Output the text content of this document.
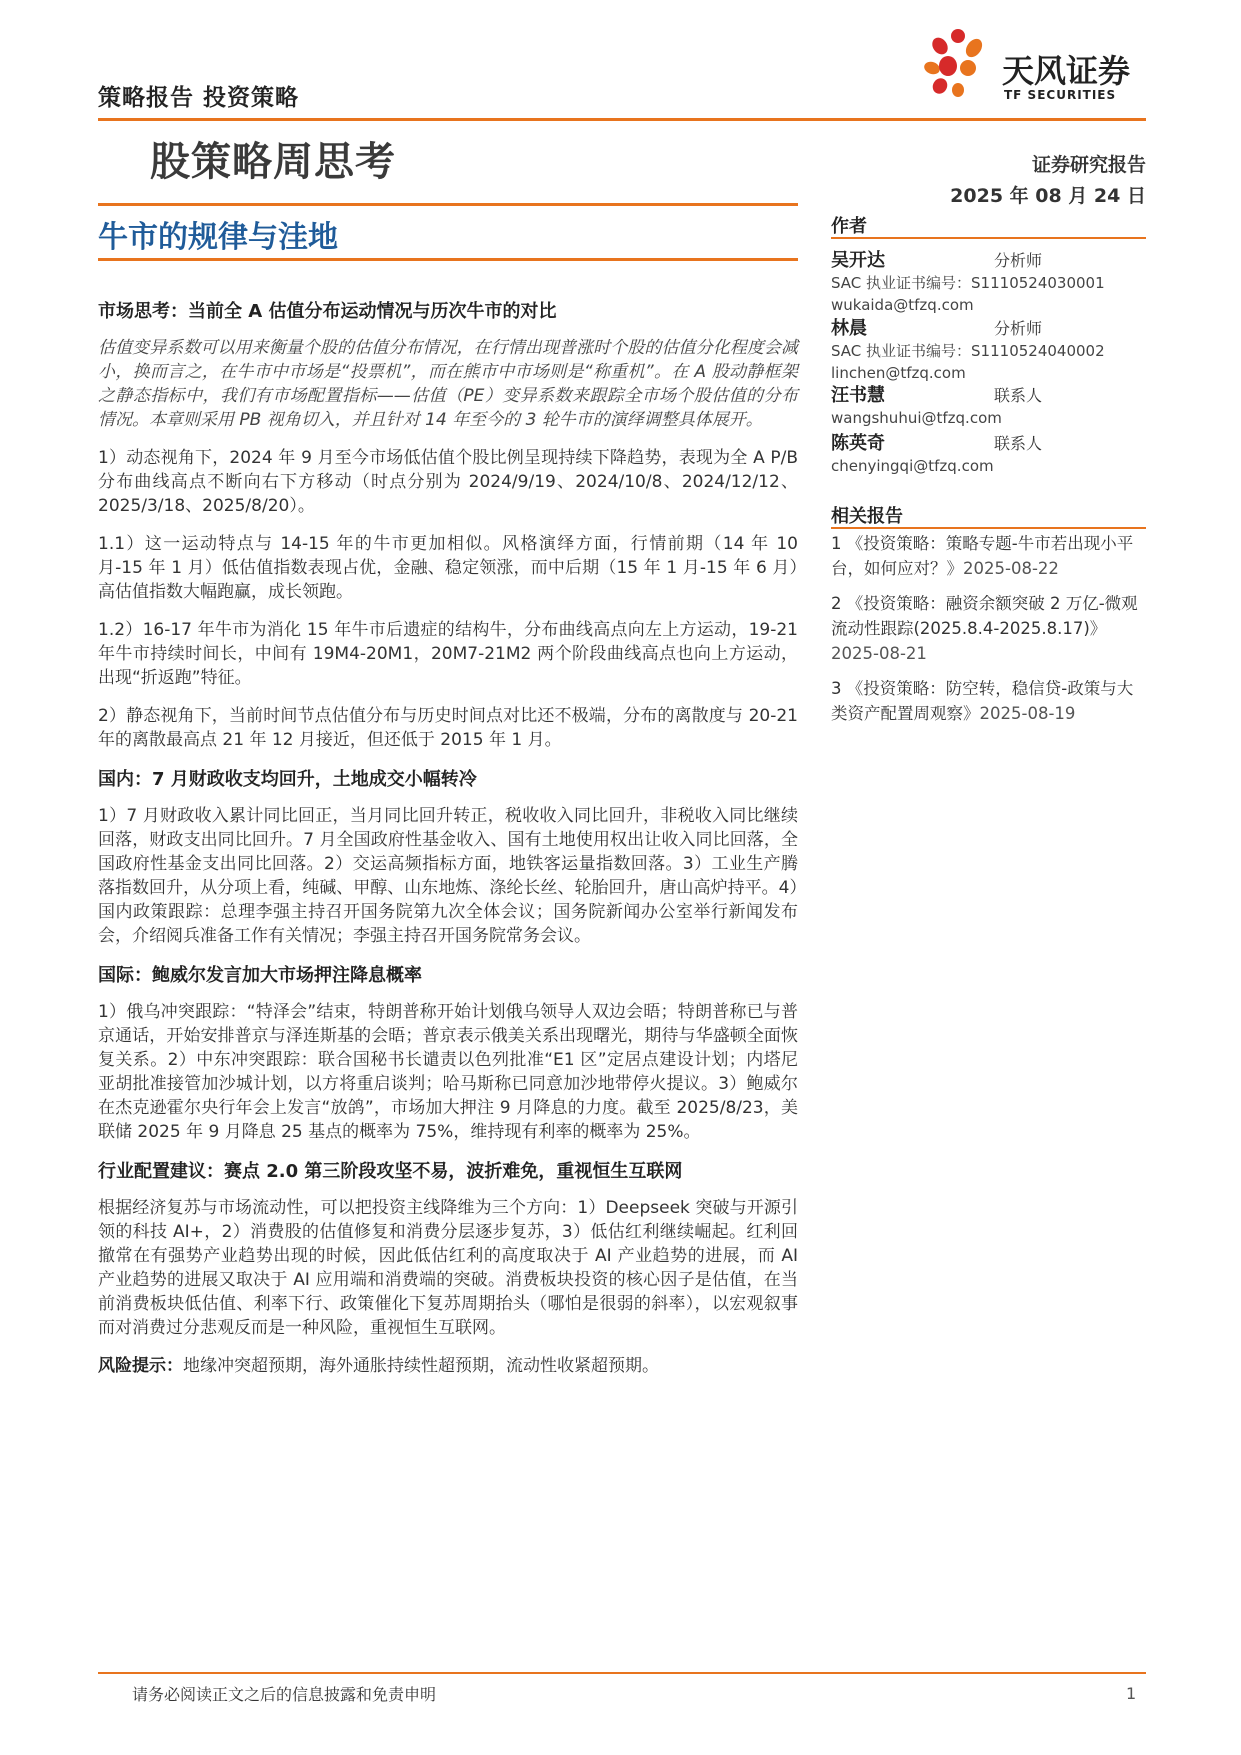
策略报告 投资策略
天风证券
TF SECURITIES
股策略周思考	证券研究报告
2025 年 08 月 24 日
牛市的规律与洼地
市场思考：当前全 A 估值分布运动情况与历次牛市的对比

估值变异系数可以用来衡量个股的估值分布情况，在行情出现普涨时个股的估值分化程度会减小，换而言之，在牛市中市场是“投票机”，而在熊市中市场则是“称重机”。在 A 股动静框架之静态指标中，我们有市场配置指标——估值（PE）变异系数来跟踪全市场个股估值的分布情况。本章则采用 PB 视角切入，并且针对 14 年至今的 3 轮牛市的演绎调整具体展开。

1）动态视角下，2024 年 9 月至今市场低估值个股比例呈现持续下降趋势，表现为全 A P/B 分布曲线高点不断向右下方移动（时点分别为 2024/9/19、2024/10/8、2024/12/12、2025/3/18、2025/8/20）。

1.1）这一运动特点与 14-15 年的牛市更加相似。风格演绎方面，行情前期（14 年 10 月-15 年 1 月）低估值指数表现占优，金融、稳定领涨，而中后期（15 年 1 月-15 年 6 月）高估值指数大幅跑赢，成长领跑。

1.2）16-17 年牛市为消化 15 年牛市后遗症的结构牛，分布曲线高点向左上方运动，19-21 年牛市持续时间长，中间有 19M4-20M1，20M7-21M2 两个阶段曲线高点也向上方运动，出现“折返跑”特征。

2）静态视角下，当前时间节点估值分布与历史时间点对比还不极端，分布的离散度与 20-21 年的离散最高点 21 年 12 月接近，但还低于 2015 年 1 月。

国内：7 月财政收支均回升，土地成交小幅转冷

1）7 月财政收入累计同比回正，当月同比回升转正，税收收入同比回升，非税收入同比继续回落，财政支出同比回升。7 月全国政府性基金收入、国有土地使用权出让收入同比回落，全国政府性基金支出同比回落。2）交运高频指标方面，地铁客运量指数回落。3）工业生产腾落指数回升，从分项上看，纯碱、甲醇、山东地炼、涤纶长丝、轮胎回升，唐山高炉持平。4）国内政策跟踪：总理李强主持召开国务院第九次全体会议；国务院新闻办公室举行新闻发布会，介绍阅兵准备工作有关情况；李强主持召开国务院常务会议。

国际：鲍威尔发言加大市场押注降息概率

1）俄乌冲突跟踪：“特泽会”结束，特朗普称开始计划俄乌领导人双边会晤；特朗普称已与普京通话，开始安排普京与泽连斯基的会晤；普京表示俄美关系出现曙光，期待与华盛顿全面恢复关系。2）中东冲突跟踪：联合国秘书长谴责以色列批准“E1 区”定居点建设计划；内塔尼亚胡批准接管加沙城计划，以方将重启谈判；哈马斯称已同意加沙地带停火提议。3）鲍威尔在杰克逊霍尔央行年会上发言“放鸽”，市场加大押注 9 月降息的力度。截至 2025/8/23，美联储 2025 年 9 月降息 25 基点的概率为 75%，维持现有利率的概率为 25%。

行业配置建议：赛点 2.0 第三阶段攻坚不易，波折难免，重视恒生互联网

根据经济复苏与市场流动性，可以把投资主线降维为三个方向：1）Deepseek 突破与开源引领的科技 AI+，2）消费股的估值修复和消费分层逐步复苏，3）低估红利继续崛起。红利回撤常在有强势产业趋势出现的时候，因此低估红利的高度取决于 AI 产业趋势的进展，而 AI 产业趋势的进展又取决于 AI 应用端和消费端的突破。消费板块投资的核心因子是估值，在当前消费板块低估值、利率下行、政策催化下复苏周期抬头（哪怕是很弱的斜率），以宏观叙事而对消费过分悲观反而是一种风险，重视恒生互联网。

风险提示：地缘冲突超预期，海外通胀持续性超预期，流动性收紧超预期。

作者
吴开达	分析师
SAC 执业证书编号：S1110524030001
wukaida@tfzq.com
林晨	分析师
SAC 执业证书编号：S1110524040002
linchen@tfzq.com
汪书慧	联系人
wangshuhui@tfzq.com
陈英奇	联系人
chenyingqi@tfzq.com
相关报告

1 《投资策略：策略专题-牛市若出现小平台，如何应对？》2025-08-22

2 《投资策略：融资余额突破 2 万亿-微观流动性跟踪(2025.8.4-2025.8.17)》
2025-08-21

3 《投资策略：防空转，稳信贷-政策与大类资产配置周观察》2025-08-19

请务必阅读正文之后的信息披露和免责申明	1
